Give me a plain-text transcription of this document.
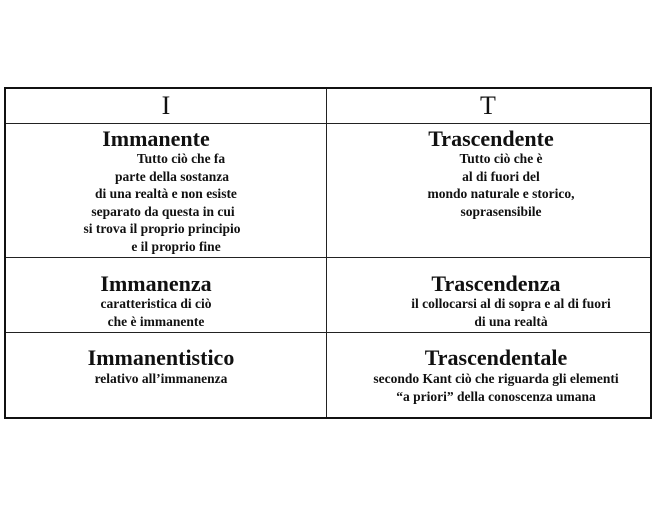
I	T
Immanente
Tutto ciò che fa
parte della sostanza
di una realtà e non esiste
separato da questa in cui
si trova il proprio principio
e il proprio fine
Trascendente
Tutto ciò che è
al di fuori del
mondo naturale e storico,
soprasensibile
Immanenza
caratteristica di ciò
che è immanente
Trascendenza
il collocarsi al di sopra e al di fuori
di una realtà
Immanentistico
relativo all’immanenza
Trascendentale
secondo Kant ciò che riguarda gli elementi
“a priori” della conoscenza umana
